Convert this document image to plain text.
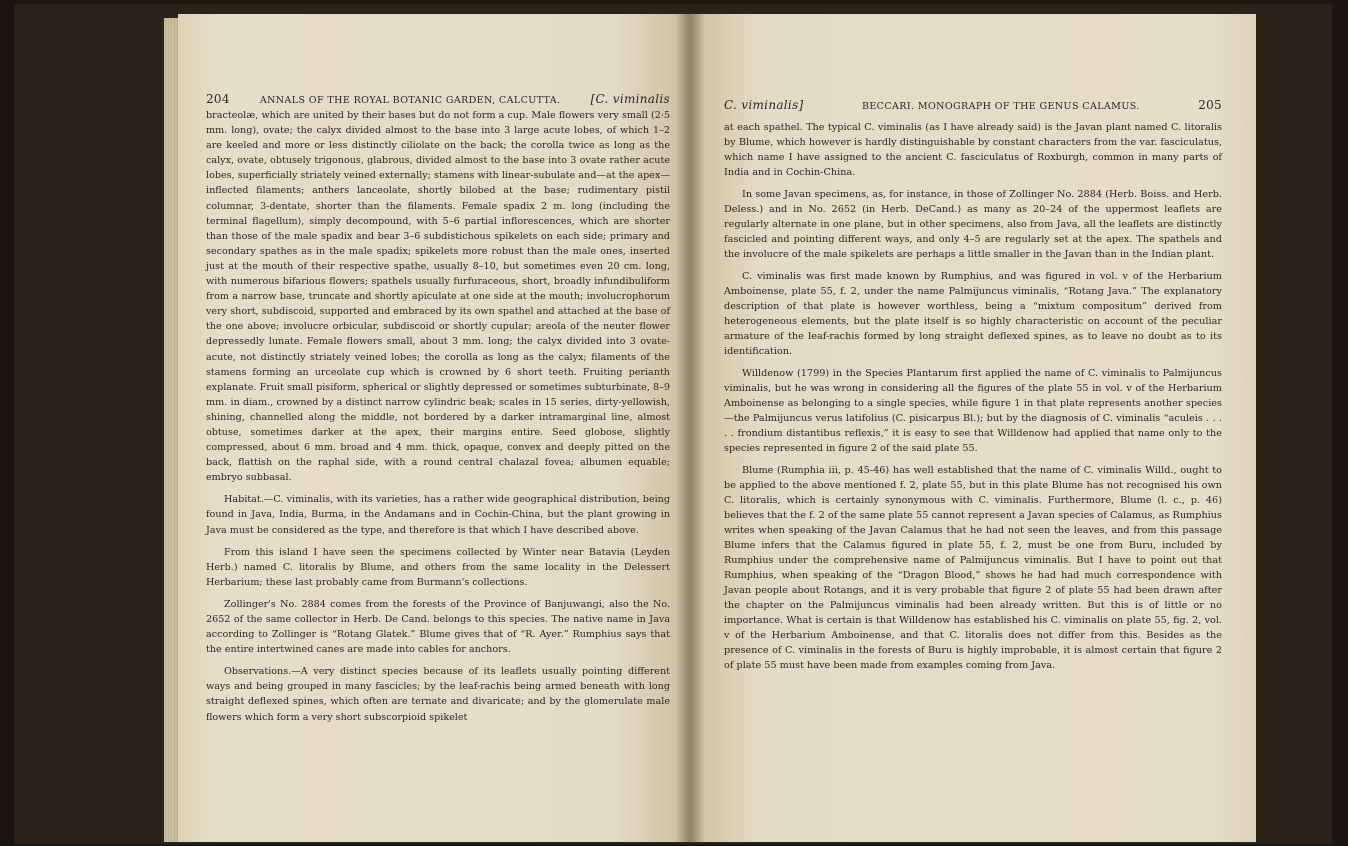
204	ANNALS OF THE ROYAL BOTANIC GARDEN, CALCUTTA.	[C. viminalis

bracteolæ, which are united by their bases but do not form a cup. Male flowers very small (2·5 mm. long), ovate; the calyx divided almost to the base into 3 large acute lobes, of which 1–2 are keeled and more or less distinctly ciliolate on the back; the corolla twice as long as the calyx, ovate, obtusely trigonous, glabrous, divided almost to the base into 3 ovate rather acute lobes, superficially striately veined externally; stamens with linear-subulate and—at the apex—inflected filaments; anthers lanceolate, shortly bilobed at the base; rudimentary pistil columnar, 3-dentate, shorter than the filaments. Female spadix 2 m. long (including the terminal flagellum), simply decompound, with 5–6 partial inflorescences, which are shorter than those of the male spadix and bear 3–6 subdistichous spikelets on each side; primary and secondary spathes as in the male spadix; spikelets more robust than the male ones, inserted just at the mouth of their respective spathe, usually 8–10, but sometimes even 20 cm. long, with numerous bifarious flowers; spathels usually furfuraceous, short, broadly infundibuliform from a narrow base, truncate and shortly apiculate at one side at the mouth; involucrophorum very short, subdiscoid, supported and embraced by its own spathel and attached at the base of the one above; involucre orbicular, subdiscoid or shortly cupular; areola of the neuter flower depressedly lunate. Female flowers small, about 3 mm. long; the calyx divided into 3 ovate-acute, not distinctly striately veined lobes; the corolla as long as the calyx; filaments of the stamens forming an urceolate cup which is crowned by 6 short teeth. Fruiting perianth explanate. Fruit small pisiform, spherical or slightly depressed or sometimes subturbinate, 8–9 mm. in diam., crowned by a distinct narrow cylindric beak; scales in 15 series, dirty-yellowish, shining, channelled along the middle, not bordered by a darker intramarginal line, almost obtuse, sometimes darker at the apex, their margins entire. Seed globose, slightly compressed, about 6 mm. broad and 4 mm. thick, opaque, convex and deeply pitted on the back, flattish on the raphal side, with a round central chalazal fovea; albumen equable; embryo subbasal.

Habitat.—C. viminalis, with its varieties, has a rather wide geographical distribution, being found in Java, India, Burma, in the Andamans and in Cochin-China, but the plant growing in Java must be considered as the type, and therefore is that which I have described above.

From this island I have seen the specimens collected by Winter near Batavia (Leyden Herb.) named C. litoralis by Blume, and others from the same locality in the Delessert Herbarium; these last probably came from Burmann's collections.

Zollinger's No. 2884 comes from the forests of the Province of Banjuwangi, also the No. 2652 of the same collector in Herb. De Cand. belongs to this species. The native name in Java according to Zollinger is “Rotang Glatek.” Blume gives that of “R. Ayer.” Rumphius says that the entire intertwined canes are made into cables for anchors.

Observations.—A very distinct species because of its leaflets usually pointing different ways and being grouped in many fascicles; by the leaf-rachis being armed beneath with long straight deflexed spines, which often are ternate and divaricate; and by the glomerulate male flowers which form a very short subscorpioid spikelet

C. viminalis]	BECCARI. MONOGRAPH OF THE GENUS CALAMUS.	205

at each spathel. The typical C. viminalis (as I have already said) is the Javan plant named C. litoralis by Blume, which however is hardly distinguishable by constant characters from the var. fasciculatus, which name I have assigned to the ancient C. fasciculatus of Roxburgh, common in many parts of India and in Cochin-China.

In some Javan specimens, as, for instance, in those of Zollinger No. 2884 (Herb. Boiss. and Herb. Deless.) and in No. 2652 (in Herb. DeCand.) as many as 20–24 of the uppermost leaflets are regularly alternate in one plane, but in other specimens, also from Java, all the leaflets are distinctly fascicled and pointing different ways, and only 4–5 are regularly set at the apex. The spathels and the involucre of the male spikelets are perhaps a little smaller in the Javan than in the Indian plant.

C. viminalis was first made known by Rumphius, and was figured in vol. v of the Herbarium Amboinense, plate 55, f. 2, under the name Palmijuncus viminalis, “Rotang Java.” The explanatory description of that plate is however worthless, being a “mixtum compositum” derived from heterogeneous elements, but the plate itself is so highly characteristic on account of the peculiar armature of the leaf-rachis formed by long straight deflexed spines, as to leave no doubt as to its identification.

Willdenow (1799) in the Species Plantarum first applied the name of C. viminalis to Palmijuncus viminalis, but he was wrong in considering all the figures of the plate 55 in vol. v of the Herbarium Amboinense as belonging to a single species, while figure 1 in that plate represents another species—the Palmijuncus verus latifolius (C. pisicarpus Bl.); but by the diagnosis of C. viminalis “aculeis . . . . . frondium distantibus reflexis,” it is easy to see that Willdenow had applied that name only to the species represented in figure 2 of the said plate 55.

Blume (Rumphia iii, p. 45-46) has well established that the name of C. viminalis Willd., ought to be applied to the above mentioned f. 2, plate 55, but in this plate Blume has not recognised his own C. litoralis, which is certainly synonymous with C. viminalis. Furthermore, Blume (l. c., p. 46) believes that the f. 2 of the same plate 55 cannot represent a Javan species of Calamus, as Rumphius writes when speaking of the Javan Calamus that he had not seen the leaves, and from this passage Blume infers that the Calamus figured in plate 55, f. 2, must be one from Buru, included by Rumphius under the comprehensive name of Palmijuncus viminalis. But I have to point out that Rumphius, when speaking of the “Dragon Blood,” shows he had had much correspondence with Javan people about Rotangs, and it is very probable that figure 2 of plate 55 had been drawn after the chapter on the Palmijuncus viminalis had been already written. But this is of little or no importance. What is certain is that Willdenow has established his C. viminalis on plate 55, fig. 2, vol. v of the Herbarium Amboinense, and that C. litoralis does not differ from this. Besides as the presence of C. viminalis in the forests of Buru is highly improbable, it is almost certain that figure 2 of plate 55 must have been made from examples coming from Java.
